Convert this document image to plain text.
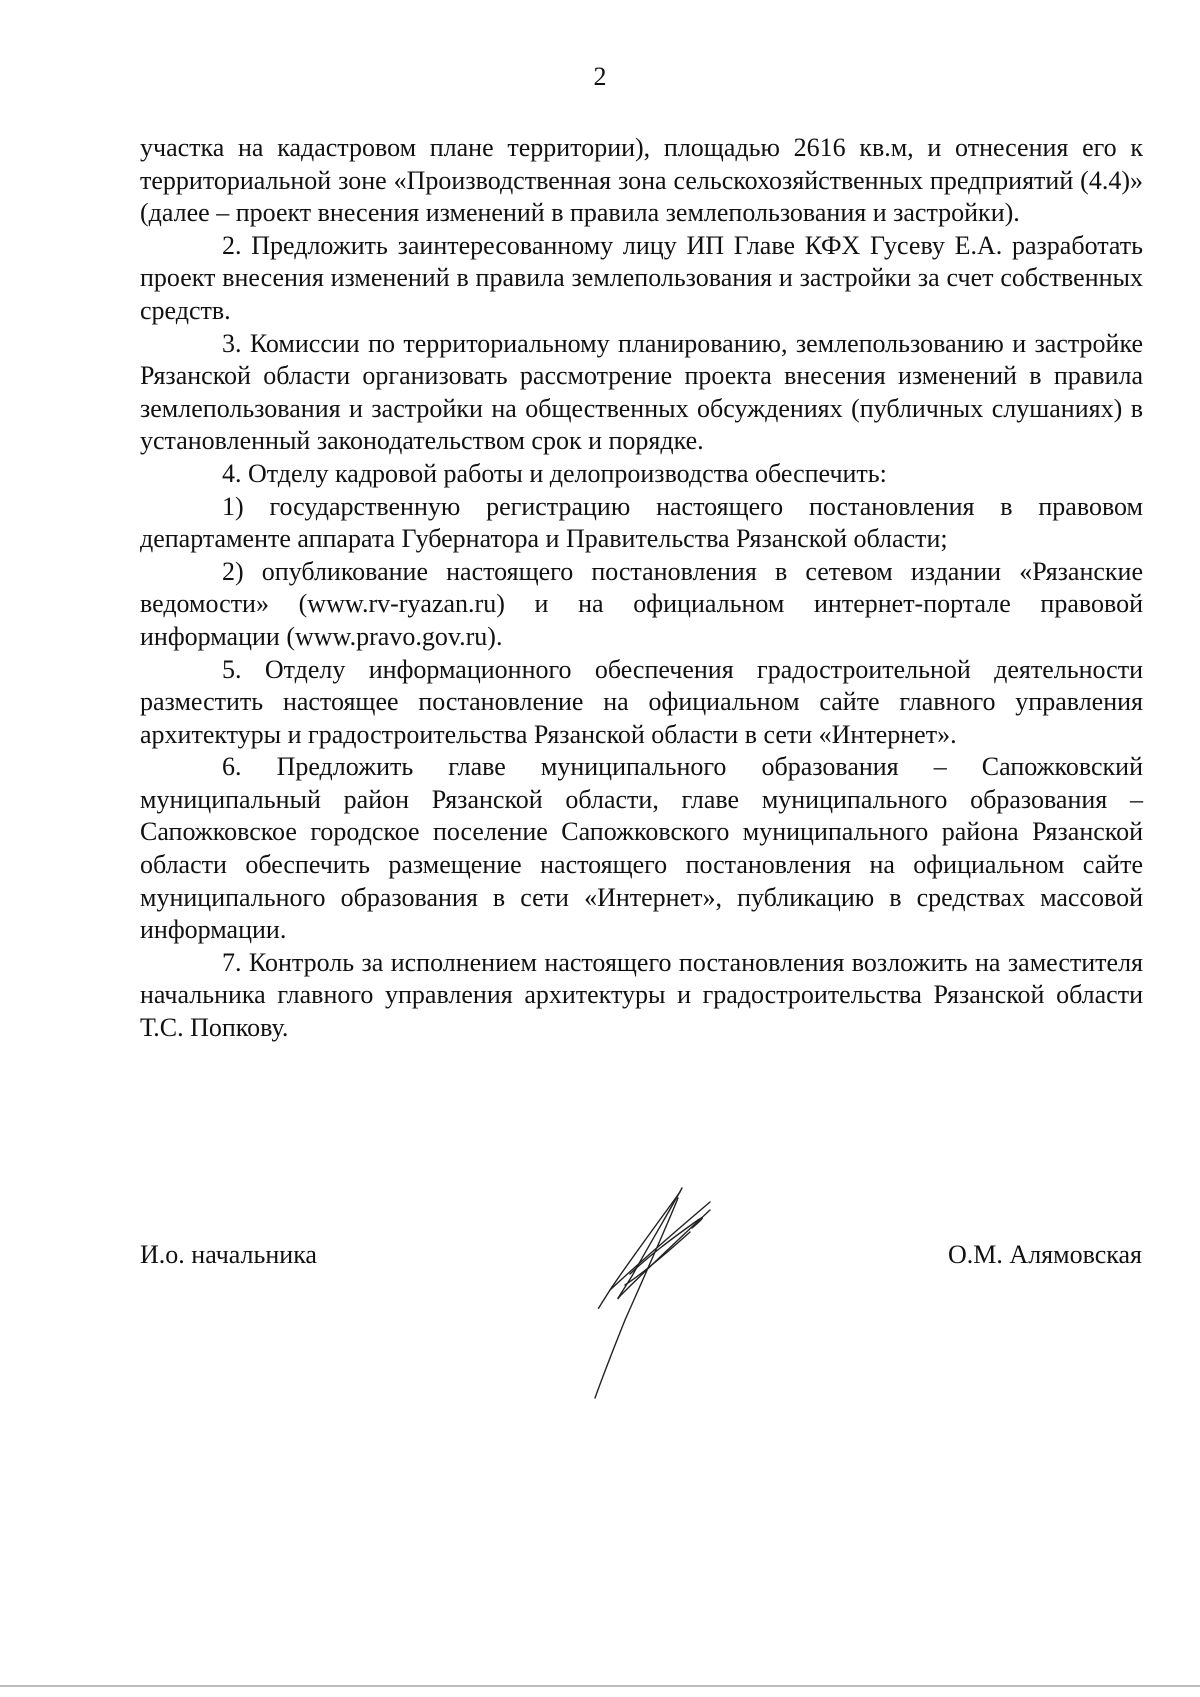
2

участка на кадастровом плане территории), площадью 2616 кв.м, и отнесения его к территориальной зоне «Производственная зона сельскохозяйственных предприятий (4.4)» (далее – проект внесения изменений в правила землепользования и застройки).

2. Предложить заинтересованному лицу ИП Главе КФХ Гусеву Е.А. разработать проект внесения изменений в правила землепользования и застройки за счет собственных средств.

3. Комиссии по территориальному планированию, землепользованию и застройке Рязанской области организовать рассмотрение проекта внесения изменений в правила землепользования и застройки на общественных обсуждениях (публичных слушаниях) в установленный законодательством срок и порядке.

4. Отделу кадровой работы и делопроизводства обеспечить:

1) государственную регистрацию настоящего постановления в правовом департаменте аппарата Губернатора и Правительства Рязанской области;

2) опубликование настоящего постановления в сетевом издании «Рязанские ведомости» (www.rv-ryazan.ru) и на официальном интернет-портале правовой информации (www.pravo.gov.ru).

5. Отделу информационного обеспечения градостроительной деятельности разместить настоящее постановление на официальном сайте главного управления архитектуры и градостроительства Рязанской области в сети «Интернет».

6. Предложить главе муниципального образования – Сапожковский муниципальный район Рязанской области, главе муниципального образования – Сапожковское городское поселение Сапожковского муниципального района Рязанской области обеспечить размещение настоящего постановления на официальном сайте муниципального образования в сети «Интернет», публикацию в средствах массовой информации.

7. Контроль за исполнением настоящего постановления возложить на заместителя начальника главного управления архитектуры и градостроительства Рязанской области Т.С. Попкову.

И.о. начальника	О.М. Алямовская
